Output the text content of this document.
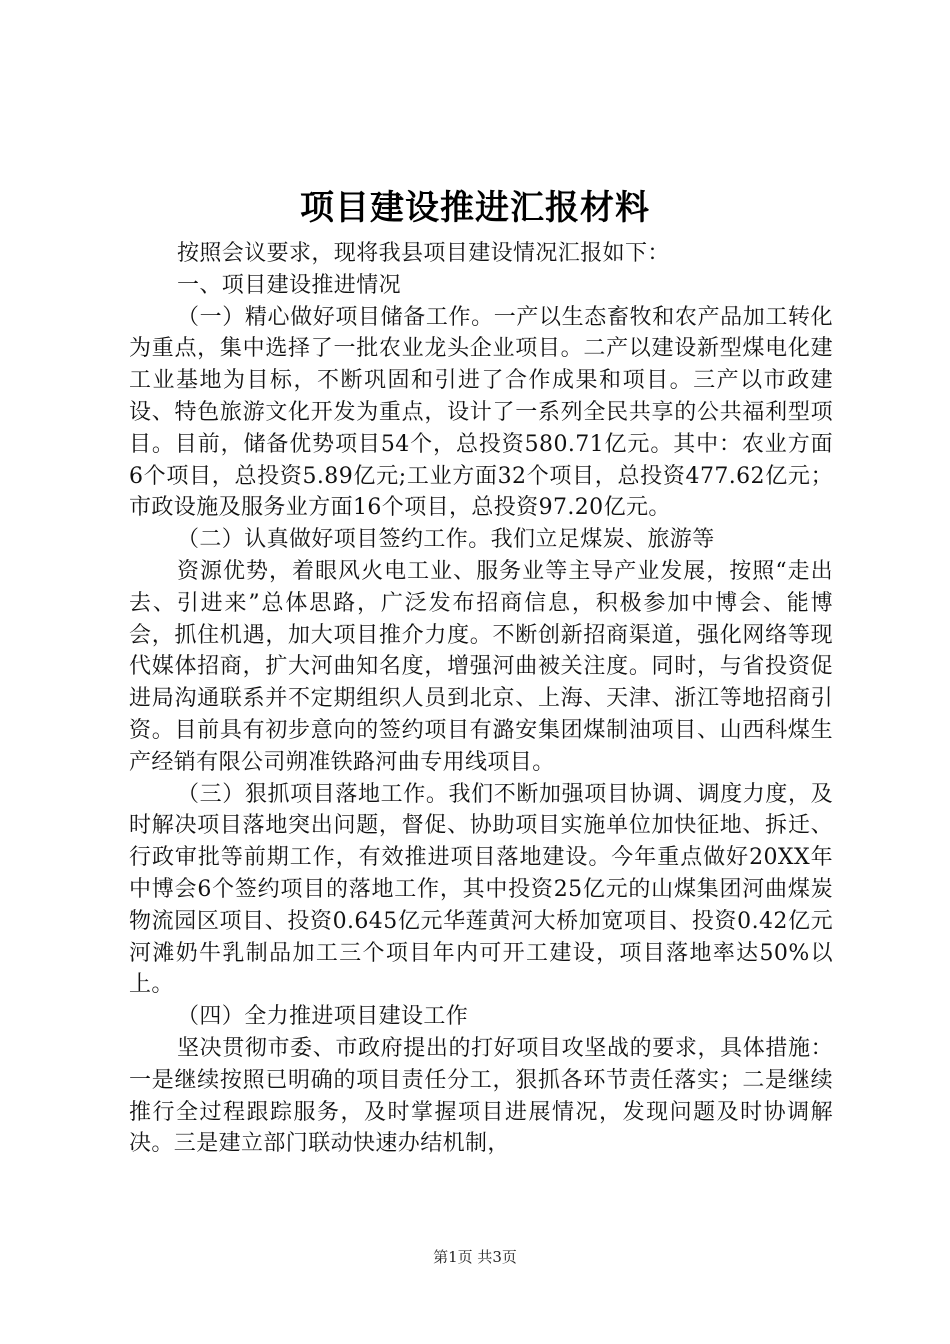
项目建设推进汇报材料

按照会议要求，现将我县项目建设情况汇报如下：

一、项目建设推进情况

（一）精心做好项目储备工作。一产以生态畜牧和农产品加工转化为重点，集中选择了一批农业龙头企业项目。二产以建设新型煤电化建工业基地为目标，不断巩固和引进了合作成果和项目。三产以市政建设、特色旅游文化开发为重点，设计了一系列全民共享的公共福利型项目。目前，储备优势项目54个，总投资580.71亿元。其中：农业方面6个项目，总投资5.89亿元;工业方面32个项目，总投资477.62亿元；市政设施及服务业方面16个项目，总投资97.20亿元。

（二）认真做好项目签约工作。我们立足煤炭、旅游等

资源优势，着眼风火电工业、服务业等主导产业发展，按照“走出去、引进来”总体思路，广泛发布招商信息，积极参加中博会、能博会，抓住机遇，加大项目推介力度。不断创新招商渠道，强化网络等现代媒体招商，扩大河曲知名度，增强河曲被关注度。同时，与省投资促进局沟通联系并不定期组织人员到北京、上海、天津、浙江等地招商引资。目前具有初步意向的签约项目有潞安集团煤制油项目、山西科煤生产经销有限公司朔准铁路河曲专用线项目。

（三）狠抓项目落地工作。我们不断加强项目协调、调度力度，及时解决项目落地突出问题，督促、协助项目实施单位加快征地、拆迁、行政审批等前期工作，有效推进项目落地建设。今年重点做好20XX年中博会6个签约项目的落地工作，其中投资25亿元的山煤集团河曲煤炭物流园区项目、投资0.645亿元华莲黄河大桥加宽项目、投资0.42亿元河滩奶牛乳制品加工三个项目年内可开工建设，项目落地率达50%以上。

（四）全力推进项目建设工作

坚决贯彻市委、市政府提出的打好项目攻坚战的要求，具体措施：一是继续按照已明确的项目责任分工，狠抓各环节责任落实；二是继续推行全过程跟踪服务，及时掌握项目进展情况，发现问题及时协调解决。三是建立部门联动快速办结机制，

第1页 共3页
